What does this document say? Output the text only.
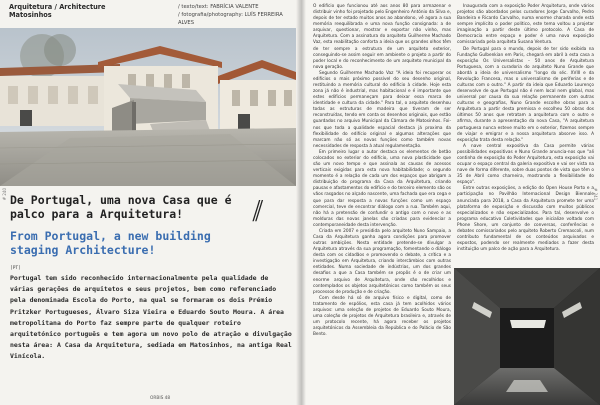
Arquitetura / Architecture
Matosinhos
/ texto/text: FABRÍCIA VALENTE
/ fotografia/photography: LUÍS FERREIRA ALVES
# 240 De Portugal, uma nova Casa que é palco para a Arquitetura!	//
From Portugal, a new building staging Architecture!
[PT]
Portugal tem sido reconhecido internacionalmente pela qualidade de várias gerações de arquitetos e seus projetos, bem como referenciado pela denominada Escola do Porto, na qual se formaram os dois Prémio Pritzker Portugueses, Álvaro Siza Vieira e Eduardo Souto Moura. A área metropolitana do Porto faz sempre parte de qualquer roteiro arquitetónico português e tem agora um novo polo de atração e divulgação nesta área: A Casa da Arquitetura, sediada em Matosinhos, na antiga Real Vinícola.
ORBIS 48
# 241

O edifício que funcionou até aos anos 80 para armazenar e distribuir vinho foi projetado pelo Engenheiro António da Silva e, depois de ter estado muitos anos ao abandono, vê agora a sua memória reequilibrada e uma nova função consignada: a de arquivar, questionar, mostrar e exportar não vinho, mas Arquitetura. Com a assinatura do arquiteto Guilherme Machado Vaz, esta reabilitação conforta a ideia que os grandes olhos têm de ter sempre a estrutura de um arquiteto exterior, conseguindo-se assim seguir em ambiente o projeto a partir do poder local e do reconhecimento de um arquiteto municipal da nova geração.

Segundo Guilherme Machado Vaz "A ideia foi recuperar os edifícios o mais próximo possível do seu desenho original, restituindo a memória cultural do edifício à cidade. Hoje esta zona já não é industrial, mas habitacional e é importante que estes edifícios permaneçam para deixar essa marca de identidade e cultura da cidade." Para tal, o arquiteto desenhou todas as estruturas de madeira que tiveram de ser reconstruídas, tendo em conta os desenhos originais, que estão guardados no arquivo Municipal da Câmara de Matosinhos. Foi-nos que toda a qualidade espacial destaca já proxima da flexibilidade do edifício original e algumas alterações que marcam não só as novas funções como também novas necessidades de resposta à atual regulamentação.

Em primeiro lugar o autor destaca os elementos de betão colocados no exterior do edifício, uma nova plasticidade que são um novo tempo e que assinala as causas de acessos verticais exigidas para esta nova habitabilidade; o segundo momento é a relação de cada um dos espaços que abrigam a distribuição do programa da Casa da Arquitetura, criando pausas e afastamentos do edifício e do terceiro elemento são os vãos rasgados no alçado nascente, uma fachada que era cega e que para dar resposta a novas funções como um espaço comercial, teve de encontrar diálogo com a rua. Também aqui, não há a pretensão de confundir o antigo com o novo e as molduras das novas janelas são criadas para evidenciar a contemporaneidade desta intervenção.

Criada em 2007 e presidida pelo arquiteto Nuno Sampaio, a Casa da Arquitetura ganha agora condições para promover outras ambições. Nesta entidade pretende-se divulgar a Arquitetura através da sua programação, fomentando o diálogo desta com os cidadãos e promovendo o debate, a crítica e a investigação em Arquitetura, criando intercâmbios com outras entidades. Numa sociedade de indústrias, um dos grandes desafios a que a Casa também se propôs é o de criar um enorme arquivo de Arquitetura, onde são recolhidos e contemplados os objetos arquitetónicos como também os seus processos de produção e de criação.

Com desde há só de arquivo físico e digital, como de tratamento de espólios, esta casa já tem acolhidos vários arquivos: uma seleção de projetos de Eduardo Souto Moura, uma coleção de projetos de Arquitetura brasileira e, através de um protocolo recente, há agora receber os projetos arquitetónicos da Assembleia da República e do Palácio de São Bento.

Inaugurada com a exposição Poder Arquitetura, onde vários projetos são abordados pelos curadores Jorge Carvalho, Pedro Bandeira e Ricardo Carvalho, numa enorme charada onde está sempre implícito o poder político, este tema voltou a projetar imaginação a partir deste último protocolo. A Casa de Democracia entre espaço e poder é uma nova exposição comissariada pela arquiteta Susana Ventura.

De Portugal para o mundo, depois de ter sido exibida na Fundação Gulbenkian em Paris, chegará em abril à esta casa a exposição Os Universalistas – 50 anos de Arquitetura Portuguesa, com a curadoria do arquiteto Nuno Grande que abordá a ideia de universalismo "longo do séc. XVIII e da Revolução Francesa, mas o universalismo de periferias e de culturas com o outro." A partir da ideia que Eduardo Lourenço desenvolve de que Portugal não é nem local nem global, mas universal por causa da sua relação permanente com outras culturas e geografias, Nuno Grande escolhe obras para a Arquitetura a partir desta premissa e escolheu 50 obras dos últimos 50 anos que retratam a arquitetura com o outro e afirma, durante a apresentação da nova Casa, "A arquitetura portuguesa nunca esteve muito em o exterior, fizemos sempre de viajar e emigrar e a nossa arquitetura absorve isso. A exposição trata desta relação."

A nave central expositiva da Casa permite várias possibilidades expositivas e Nuno Grande anuncia-nos que "ali continha de exposição do Poder Arquitetura, esta exposição vai ocupar o espaço central da galeria expositiva e vai ser vista na nave de forma diferente, sobre duas pontos de vista que têm o 35 de Abril como charneira, mostrando a flexibilidade do espaço".

Entre outras exposições, a edição do Open House Porto e a participação no Pavilhão Internacional Design Biennale anunciada para 2018, a Casa da Arquitetura promete ter uma plataforma de exposição e discussão com muitos públicos especializados e não especializados. Para tal, desenvolve o programa educativo Coletividades que inicialize voltado com Phone Shore, um conjunto de conversas, conferências e debates comissariados pelo arquiteto Roberto Cremascoli, num contributo fundamental de os conteúdos arquivados e expostos, podendo ser realmente mediados a fazer desta instituição um palco de ação para a Arquitetura.
